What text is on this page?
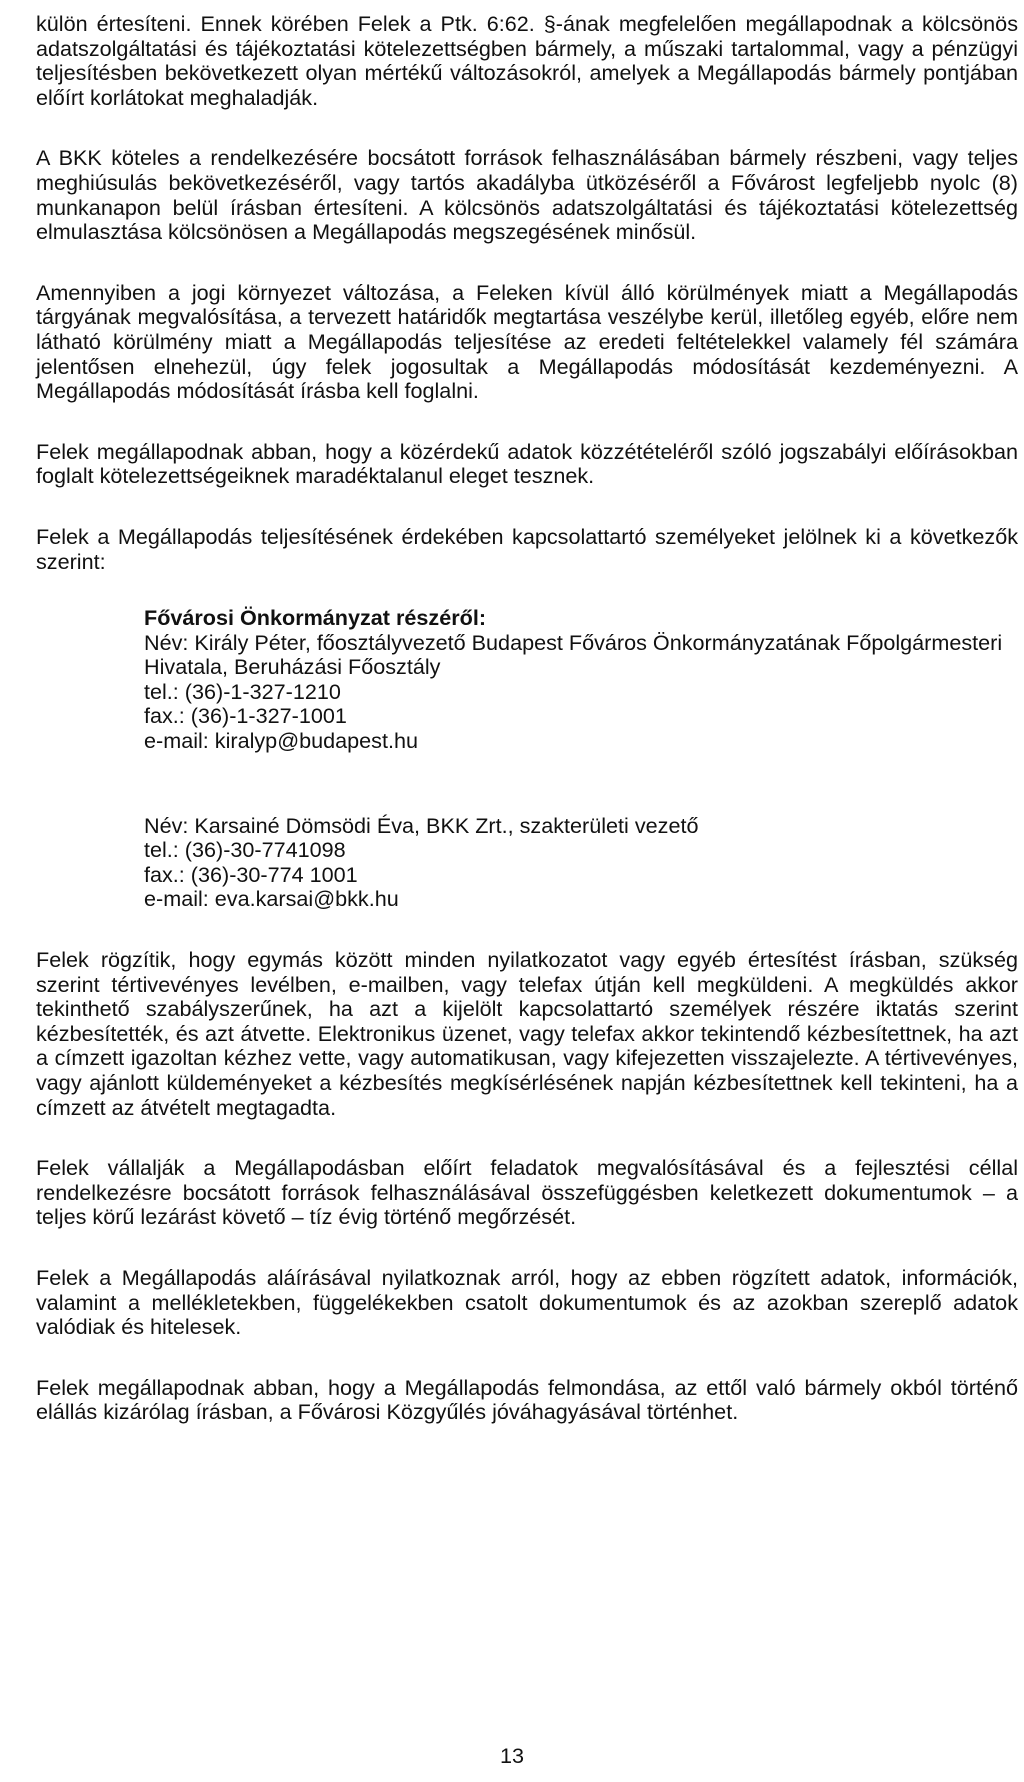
külön értesíteni. Ennek körében Felek a Ptk. 6:62. §-ának megfelelően megállapodnak a kölcsönös adatszolgáltatási és tájékoztatási kötelezettségben bármely, a műszaki tartalommal, vagy a pénzügyi teljesítésben bekövetkezett olyan mértékű változásokról, amelyek a Megállapodás bármely pontjában előírt korlátokat meghaladják.

A BKK köteles a rendelkezésére bocsátott források felhasználásában bármely részbeni, vagy teljes meghiúsulás bekövetkezéséről, vagy tartós akadályba ütközéséről a Fővárost legfeljebb nyolc (8) munkanapon belül írásban értesíteni. A kölcsönös adatszolgáltatási és tájékoztatási kötelezettség elmulasztása kölcsönösen a Megállapodás megszegésének minősül.

Amennyiben a jogi környezet változása, a Feleken kívül álló körülmények miatt a Megállapodás tárgyának megvalósítása, a tervezett határidők megtartása veszélybe kerül, illetőleg egyéb, előre nem látható körülmény miatt a Megállapodás teljesítése az eredeti feltételekkel valamely fél számára jelentősen elnehezül, úgy felek jogosultak a Megállapodás módosítását kezdeményezni. A Megállapodás módosítását írásba kell foglalni.

Felek megállapodnak abban, hogy a közérdekű adatok közzétételéről szóló jogszabályi előírásokban foglalt kötelezettségeiknek maradéktalanul eleget tesznek.

Felek a Megállapodás teljesítésének érdekében kapcsolattartó személyeket jelölnek ki a következők szerint:

Fővárosi Önkormányzat részéről:
Név: Király Péter, főosztályvezető Budapest Főváros Önkormányzatának Főpolgármesteri Hivatala, Beruházási Főosztály
tel.: (36)-1-327-1210
fax.: (36)-1-327-1001
e-mail: kiralyp@budapest.hu
Név: Karsainé Dömsödi Éva, BKK Zrt., szakterületi vezető
tel.: (36)-30-7741098
fax.: (36)-30-774 1001
e-mail: eva.karsai@bkk.hu

Felek rögzítik, hogy egymás között minden nyilatkozatot vagy egyéb értesítést írásban, szükség szerint tértivevényes levélben, e-mailben, vagy telefax útján kell megküldeni. A megküldés akkor tekinthető szabályszerűnek, ha azt a kijelölt kapcsolattartó személyek részére iktatás szerint kézbesítették, és azt átvette. Elektronikus üzenet, vagy telefax akkor tekintendő kézbesítettnek, ha azt a címzett igazoltan kézhez vette, vagy automatikusan, vagy kifejezetten visszajelezte. A tértivevényes, vagy ajánlott küldeményeket a kézbesítés megkísérlésének napján kézbesítettnek kell tekinteni, ha a címzett az átvételt megtagadta.

Felek vállalják a Megállapodásban előírt feladatok megvalósításával és a fejlesztési céllal rendelkezésre bocsátott források felhasználásával összefüggésben keletkezett dokumentumok – a teljes körű lezárást követő – tíz évig történő megőrzését.

Felek a Megállapodás aláírásával nyilatkoznak arról, hogy az ebben rögzített adatok, információk, valamint a mellékletekben, függelékekben csatolt dokumentumok és az azokban szereplő adatok valódiak és hitelesek.

Felek megállapodnak abban, hogy a Megállapodás felmondása, az ettől való bármely okból történő elállás kizárólag írásban, a Fővárosi Közgyűlés jóváhagyásával történhet.

13
